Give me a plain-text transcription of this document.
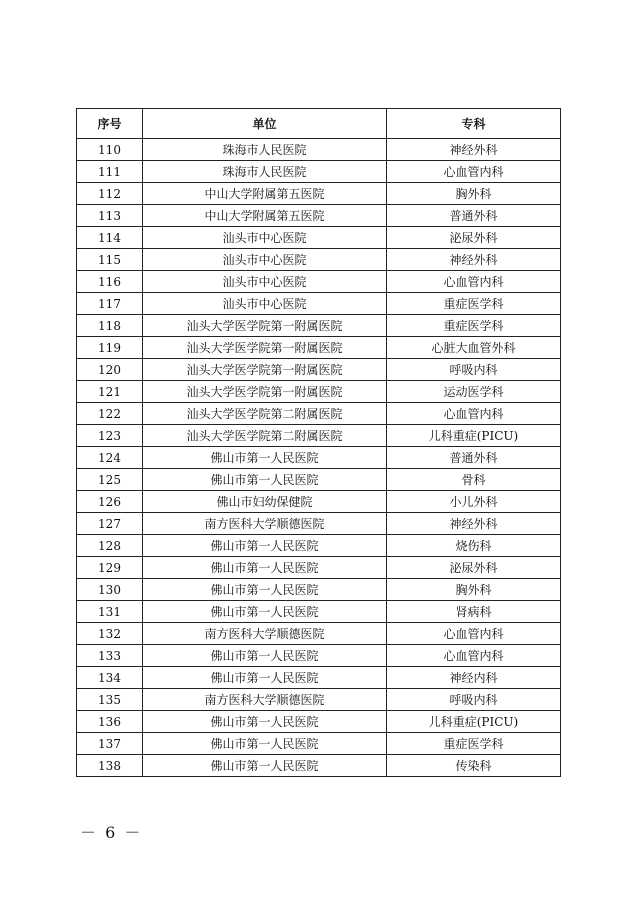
序号	单位	专科
110	珠海市人民医院	神经外科
111	珠海市人民医院	心血管内科
112	中山大学附属第五医院	胸外科
113	中山大学附属第五医院	普通外科
114	汕头市中心医院	泌尿外科
115	汕头市中心医院	神经外科
116	汕头市中心医院	心血管内科
117	汕头市中心医院	重症医学科
118	汕头大学医学院第一附属医院	重症医学科
119	汕头大学医学院第一附属医院	心脏大血管外科
120	汕头大学医学院第一附属医院	呼吸内科
121	汕头大学医学院第一附属医院	运动医学科
122	汕头大学医学院第二附属医院	心血管内科
123	汕头大学医学院第二附属医院	儿科重症(PICU)
124	佛山市第一人民医院	普通外科
125	佛山市第一人民医院	骨科
126	佛山市妇幼保健院	小儿外科
127	南方医科大学顺德医院	神经外科
128	佛山市第一人民医院	烧伤科
129	佛山市第一人民医院	泌尿外科
130	佛山市第一人民医院	胸外科
131	佛山市第一人民医院	肾病科
132	南方医科大学顺德医院	心血管内科
133	佛山市第一人民医院	心血管内科
134	佛山市第一人民医院	神经内科
135	南方医科大学顺德医院	呼吸内科
136	佛山市第一人民医院	儿科重症(PICU)
137	佛山市第一人民医院	重症医学科
138	佛山市第一人民医院	传染科
－ 6 －
